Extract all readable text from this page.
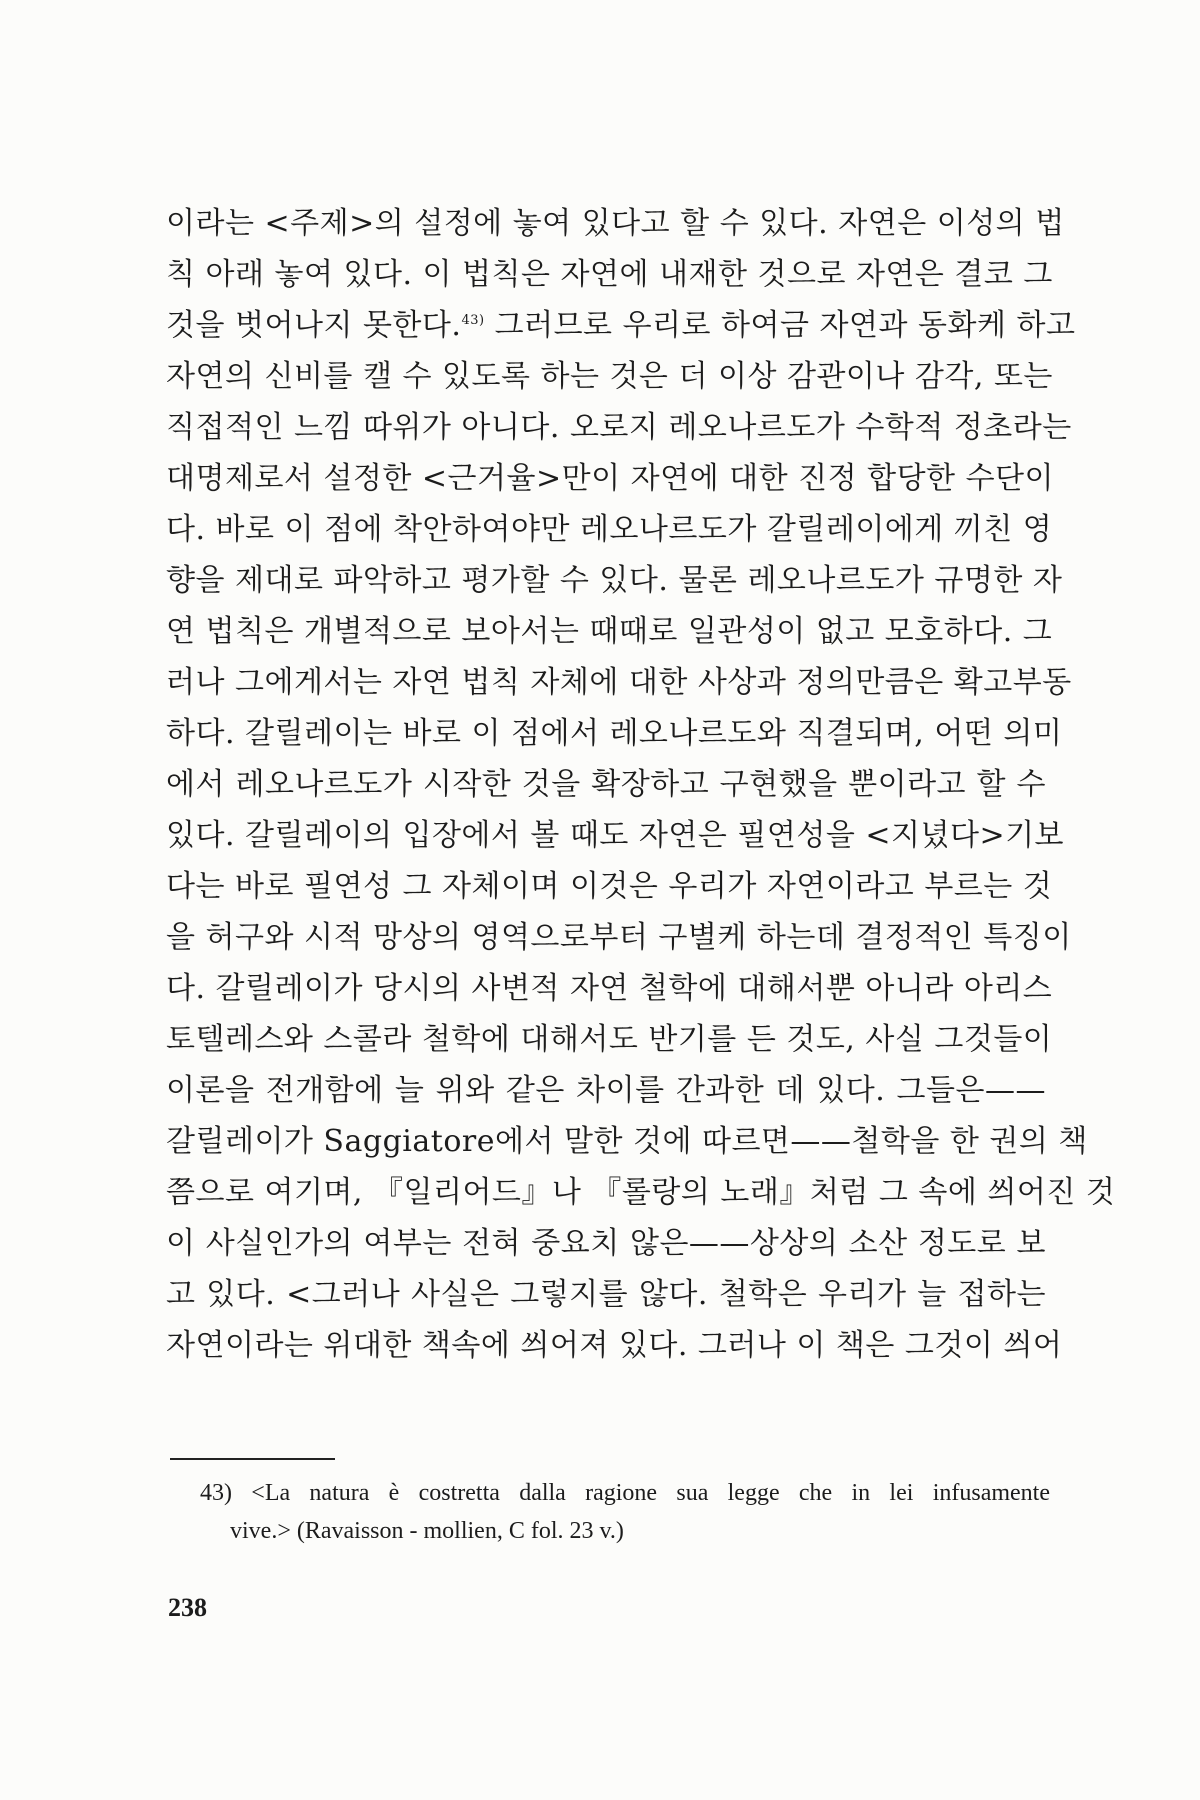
이라는 <주제>의 설정에 놓여 있다고 할 수 있다. 자연은 이성의 법
칙 아래 놓여 있다. 이 법칙은 자연에 내재한 것으로 자연은 결코 그
것을 벗어나지 못한다.$^{43)}$ 그러므로 우리로 하여금 자연과 동화케 하고
자연의 신비를 캘 수 있도록 하는 것은 더 이상 감관이나 감각, 또는
직접적인 느낌 따위가 아니다. 오로지 레오나르도가 수학적 정초라는
대명제로서 설정한 <근거율>만이 자연에 대한 진정 합당한 수단이
다. 바로 이 점에 착안하여야만 레오나르도가 갈릴레이에게 끼친 영
향을 제대로 파악하고 평가할 수 있다. 물론 레오나르도가 규명한 자
연 법칙은 개별적으로 보아서는 때때로 일관성이 없고 모호하다. 그
러나 그에게서는 자연 법칙 자체에 대한 사상과 정의만큼은 확고부동
하다. 갈릴레이는 바로 이 점에서 레오나르도와 직결되며, 어떤 의미
에서 레오나르도가 시작한 것을 확장하고 구현했을 뿐이라고 할 수
있다. 갈릴레이의 입장에서 볼 때도 자연은 필연성을 <지녔다>기보
다는 바로 필연성 그 자체이며 이것은 우리가 자연이라고 부르는 것
을 허구와 시적 망상의 영역으로부터 구별케 하는데 결정적인 특징이
다. 갈릴레이가 당시의 사변적 자연 철학에 대해서뿐 아니라 아리스
토텔레스와 스콜라 철학에 대해서도 반기를 든 것도, 사실 그것들이
이론을 전개함에 늘 위와 같은 차이를 간과한 데 있다. 그들은——
갈릴레이가 Saggiatore에서 말한 것에 따르면——철학을 한 권의 책
쯤으로 여기며, 『일리어드』나 『롤랑의 노래』처럼 그 속에 씌어진 것
이 사실인가의 여부는 전혀 중요치 않은——상상의 소산 정도로 보
고 있다. <그러나 사실은 그렇지를 않다. 철학은 우리가 늘 접하는
자연이라는 위대한 책속에 씌어져 있다. 그러나 이 책은 그것이 씌어
43) <La natura è costretta dalla ragione sua legge che in lei infusamente
vive.> (Ravaisson - mollien, C fol. 23 v.)
238
